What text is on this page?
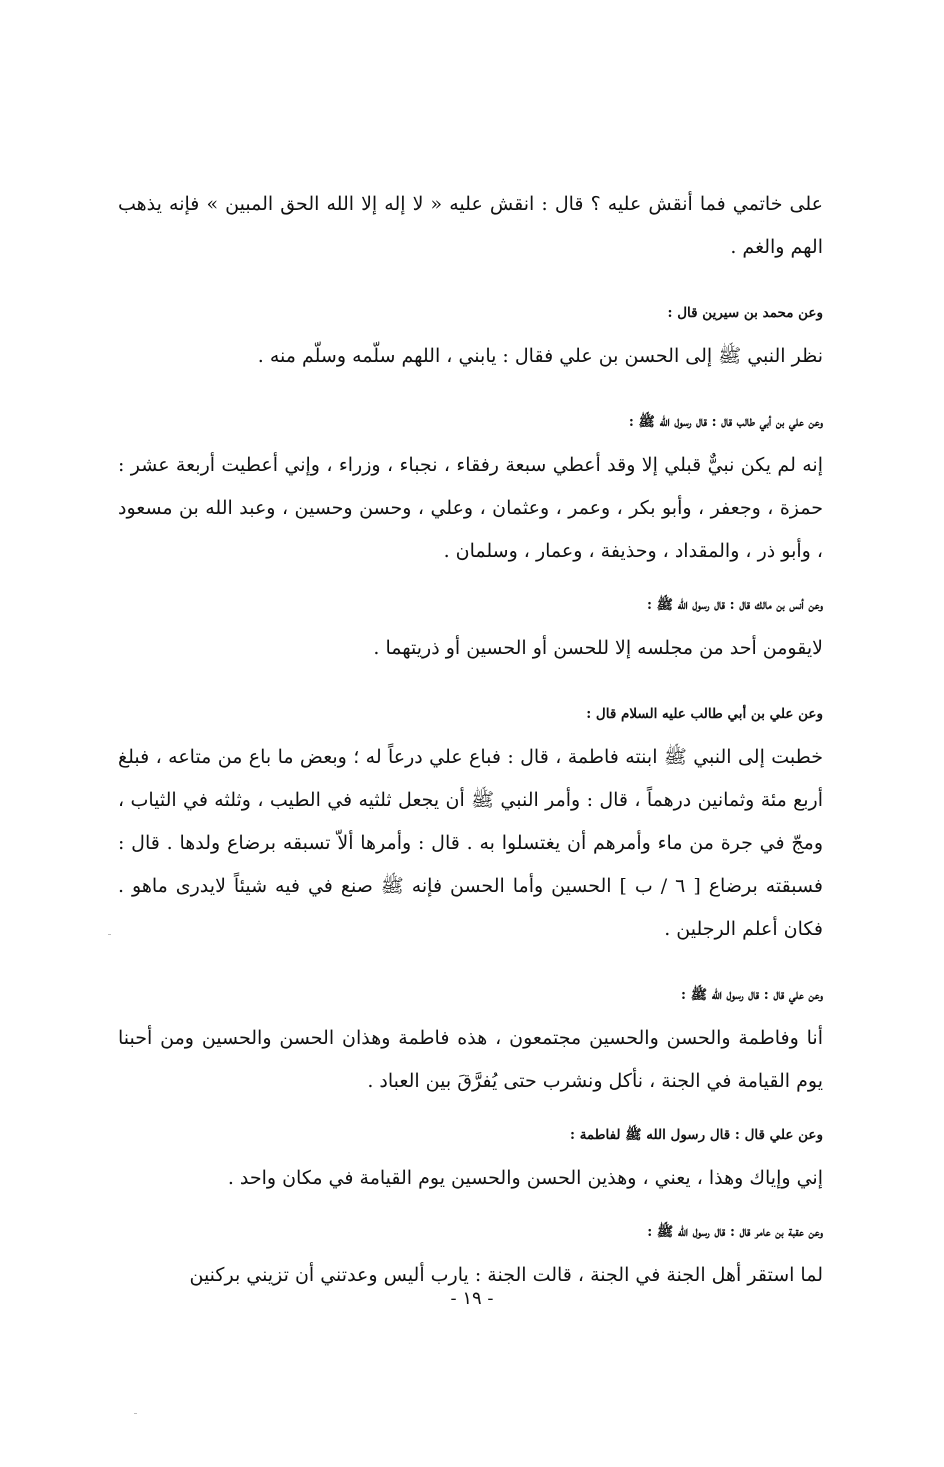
على خاتمي فما أنقش عليه ؟ قال : انقش عليه « لا إله إلا الله الحق المبين » فإنه يذهب الهم والغم .

وعن محمد بن سيرين قال :

نظر النبي ﷺ إلى الحسن بن علي فقال : يابني ، اللهم سلّمه وسلّم منه .

وعن علي بن أبي طالب قال : قال رسول الله ﷺ :

إنه لم يكن نبيٌّ قبلي إلا وقد أعطي سبعة رفقاء ، نجباء ، وزراء ، وإني أعطيت أربعة عشر : حمزة ، وجعفر ، وأبو بكر ، وعمر ، وعثمان ، وعلي ، وحسن وحسين ، وعبد الله بن مسعود ، وأبو ذر ، والمقداد ، وحذيفة ، وعمار ، وسلمان .

وعن أنس بن مالك قال : قال رسول الله ﷺ :

لايقومن أحد من مجلسه إلا للحسن أو الحسين أو ذريتهما .

وعن علي بن أبي طالب عليه السلام قال :

خطبت إلى النبي ﷺ ابنته فاطمة ، قال : فباع علي درعاً له ؛ وبعض ما باع من متاعه ، فبلغ أربع مئة وثمانين درهماً ، قال : وأمر النبي ﷺ أن يجعل ثلثيه في الطيب ، وثلثه في الثياب ، ومجّ في جرة من ماء وأمرهم أن يغتسلوا به . قال : وأمرها ألاّ تسبقه برضاع ولدها . قال : فسبقته برضاع [ ٦ / ب ] الحسين وأما الحسن فإنه ﷺ صنع في فيه شيئاً لايدرى ماهو . فكان أعلم الرجلين .

وعن علي قال : قال رسول الله ﷺ :

أنا وفاطمة والحسن والحسين مجتمعون ، هذه فاطمة وهذان الحسن والحسين ومن أحبنا يوم القيامة في الجنة ، نأكل ونشرب حتى يُفرَّقَ بين العباد .

وعن علي قال : قال رسول الله ﷺ لفاطمة :

إني وإياك وهذا ، يعني ، وهذين الحسن والحسين يوم القيامة في مكان واحد .

وعن عقبة بن عامر قال : قال رسول الله ﷺ :

لما استقر أهل الجنة في الجنة ، قالت الجنة : يارب أليس وعدتني أن تزيني بركنين

- ١٩ -
